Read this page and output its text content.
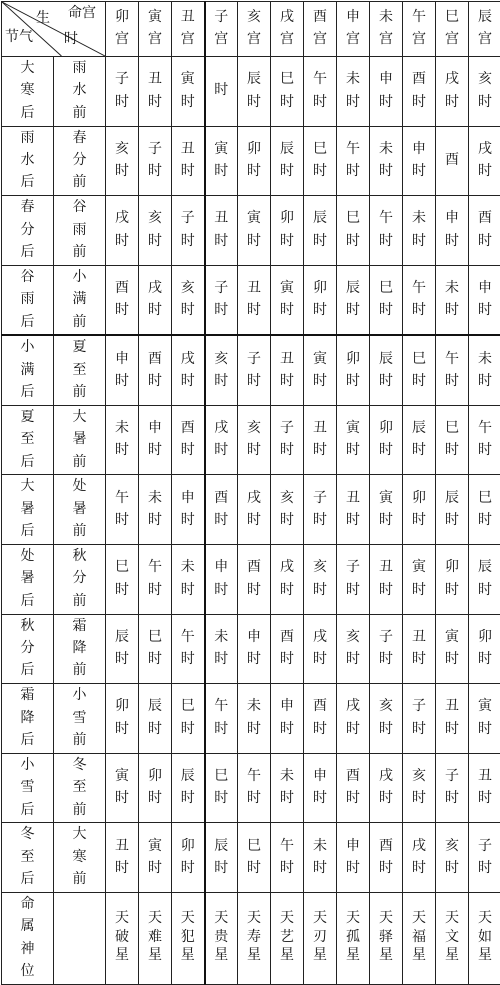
命宫
生
时
节气		卯宫	寅宫	丑宫	子宫	亥宫	戌宫	酉宫	申宫	未宫	午宫	巳宫	辰宫
大寒后	雨水前	子时	丑时	寅时	时	辰时	巳时	午时	未时	申时	酉时	戌时	亥时
雨水后	春分前	亥时	子时	丑时	寅时	卯时	辰时	巳时	午时	未时	申时	酉	戌时
春分后	谷雨前	戌时	亥时	子时	丑时	寅时	卯时	辰时	巳时	午时	未时	申时	酉时
谷雨后	小满前	酉时	戌时	亥时	子时	丑时	寅时	卯时	辰时	巳时	午时	未时	申时
小满后	夏至前	申时	酉时	戌时	亥时	子时	丑时	寅时	卯时	辰时	巳时	午时	未时
夏至后	大暑前	未时	申时	酉时	戌时	亥时	子时	丑时	寅时	卯时	辰时	巳时	午时
大暑后	处暑前	午时	未时	申时	酉时	戌时	亥时	子时	丑时	寅时	卯时	辰时	巳时
处暑后	秋分前	巳时	午时	未时	申时	酉时	戌时	亥时	子时	丑时	寅时	卯时	辰时
秋分后	霜降前	辰时	巳时	午时	未时	申时	酉时	戌时	亥时	子时	丑时	寅时	卯时
霜降后	小雪前	卯时	辰时	巳时	午时	未时	申时	酉时	戌时	亥时	子时	丑时	寅时
小雪后	冬至前	寅时	卯时	辰时	巳时	午时	未时	申时	酉时	戌时	亥时	子时	丑时
冬至后	大寒前	丑时	寅时	卯时	辰时	巳时	午时	未时	申时	酉时	戌时	亥时	子时
命属神位		天破星	天难星	天犯星	天贵星	天寿星	天艺星	天刃星	天孤星	天驿星	天福星	天文星	天如星
